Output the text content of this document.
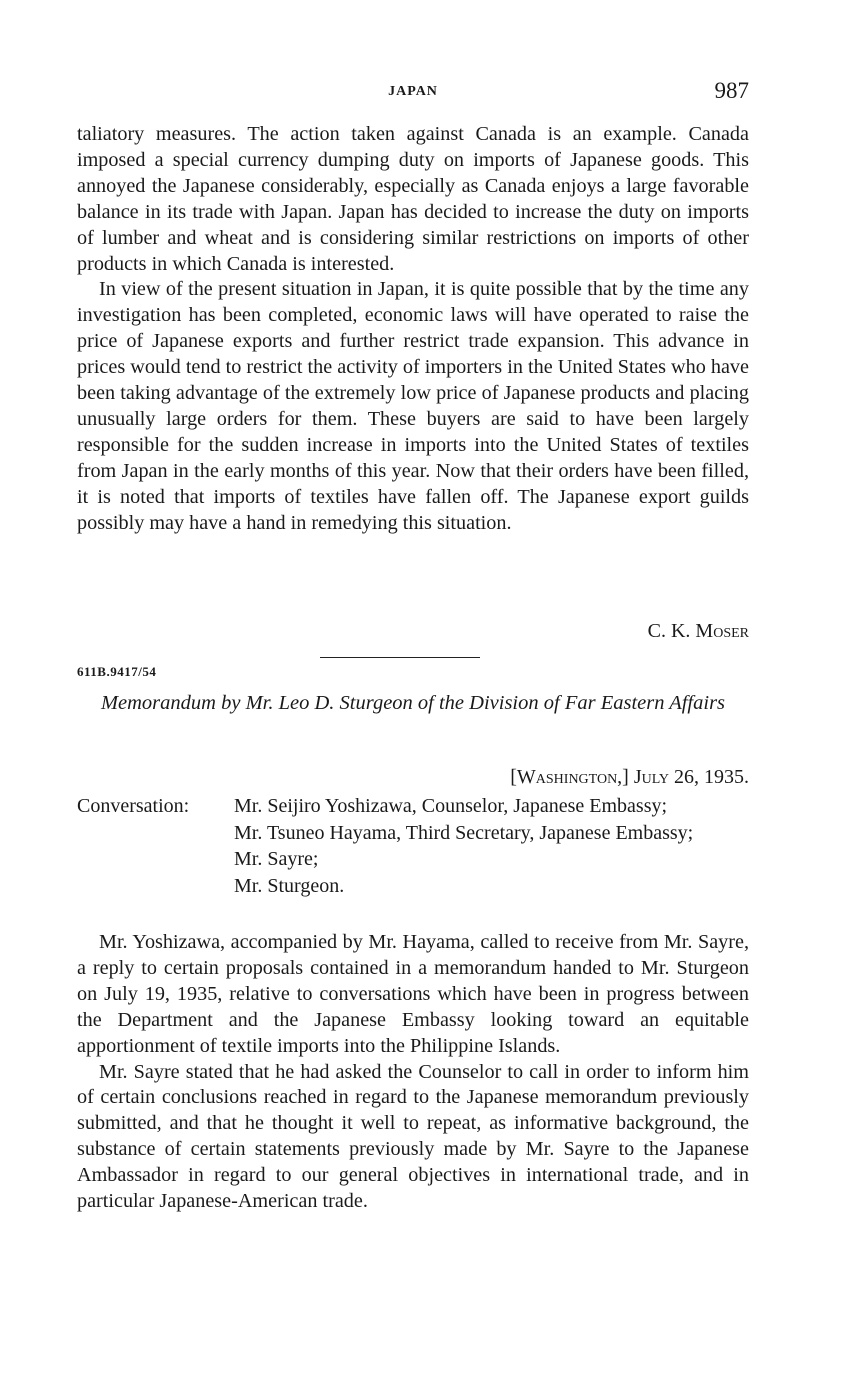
JAPAN	987

taliatory measures. The action taken against Canada is an example. Canada imposed a special currency dumping duty on imports of Japanese goods. This annoyed the Japanese considerably, especially as Canada enjoys a large favorable balance in its trade with Japan. Japan has decided to increase the duty on imports of lumber and wheat and is considering similar restrictions on imports of other products in which Canada is interested.

In view of the present situation in Japan, it is quite possible that by the time any investigation has been completed, economic laws will have operated to raise the price of Japanese exports and further restrict trade expansion. This advance in prices would tend to restrict the activity of importers in the United States who have been taking advantage of the extremely low price of Japanese products and placing unusually large orders for them. These buyers are said to have been largely responsible for the sudden increase in imports into the United States of textiles from Japan in the early months of this year. Now that their orders have been filled, it is noted that imports of textiles have fallen off. The Japanese export guilds possibly may have a hand in remedying this situation.

C. K. Moser
611B.9417/54
Memorandum by Mr. Leo D. Sturgeon of the Division of Far Eastern Affairs
[Washington,] July 26, 1935.
Conversation: Mr. Seijiro Yoshizawa, Counselor, Japanese Embassy;

Mr. Tsuneo Hayama, Third Secretary, Japanese Embassy;

Mr. Sayre;

Mr. Sturgeon.

Mr. Yoshizawa, accompanied by Mr. Hayama, called to receive from Mr. Sayre, a reply to certain proposals contained in a memorandum handed to Mr. Sturgeon on July 19, 1935, relative to conversations which have been in progress between the Department and the Japanese Embassy looking toward an equitable apportionment of textile imports into the Philippine Islands.

Mr. Sayre stated that he had asked the Counselor to call in order to inform him of certain conclusions reached in regard to the Japanese memorandum previously submitted, and that he thought it well to repeat, as informative background, the substance of certain statements previously made by Mr. Sayre to the Japanese Ambassador in regard to our general objectives in international trade, and in particular Japanese-American trade.
